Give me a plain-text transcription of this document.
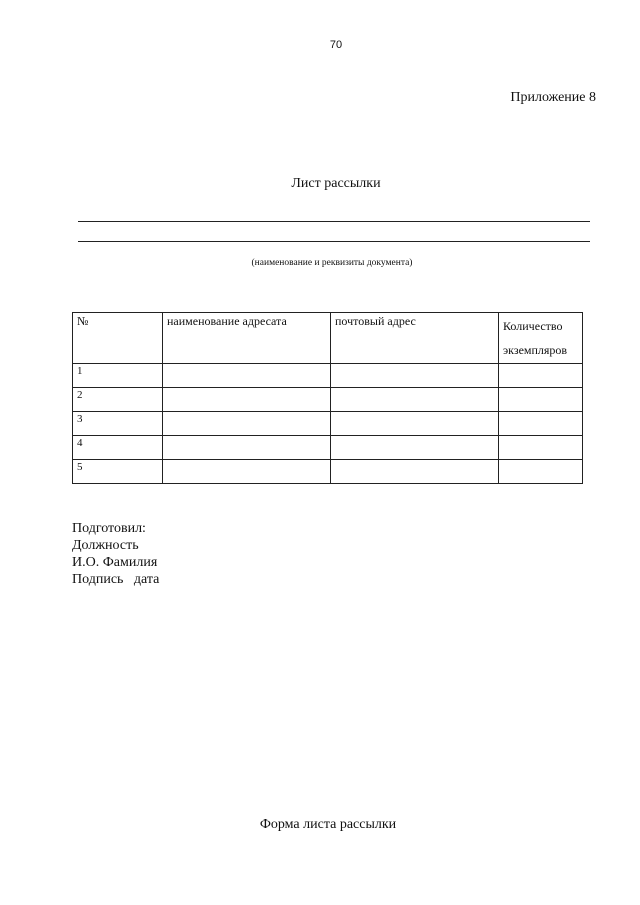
70
Приложение 8
Лист рассылки
(наименование и реквизиты документа)
№	наименование адресата	почтовый адрес	Количество экземпляров
1			
2			
3			
4			
5			
Подготовил:
Должность
И.О. Фамилия
Подпись   дата
Форма листа рассылки
